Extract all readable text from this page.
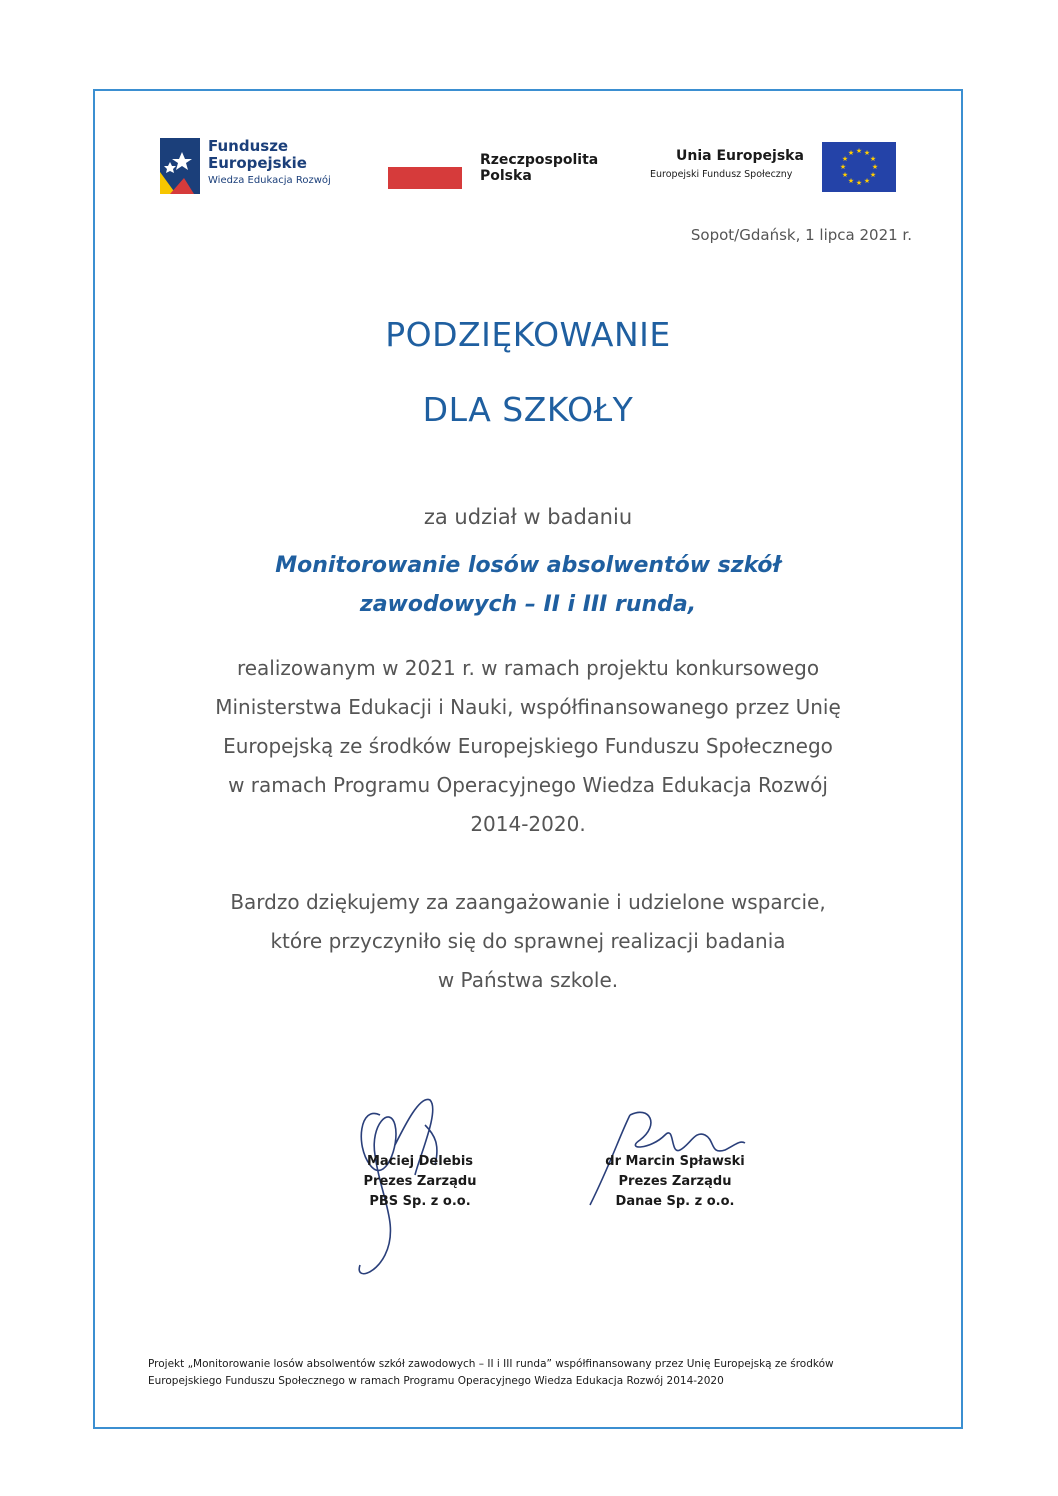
Fundusze
Europejskie
Wiedza Edukacja Rozwój
Rzeczpospolita
Polska
Unia Europejska
Europejski Fundusz Społeczny
★ ★
★
★
★
★
★
★
★
★
★
★
Sopot/Gdańsk, 1 lipca 2021 r.
PODZIĘKOWANIE
DLA SZKOŁY
za udział w badaniu
Monitorowanie losów absolwentów szkół
zawodowych – II i III runda,
realizowanym w 2021 r. w ramach projektu konkursowego
Ministerstwa Edukacji i Nauki, współfinansowanego przez Unię
Europejską ze środków Europejskiego Funduszu Społecznego
w ramach Programu Operacyjnego Wiedza Edukacja Rozwój
2014-2020.
Bardzo dziękujemy za zaangażowanie i udzielone wsparcie,
które przyczyniło się do sprawnej realizacji badania
w Państwa szkole.
Maciej Delebis
Prezes Zarządu
PBS Sp. z o.o.
dr Marcin Spławski
Prezes Zarządu
Danae Sp. z o.o.
Projekt „Monitorowanie losów absolwentów szkół zawodowych – II i III runda” współfinansowany przez Unię Europejską ze środków
Europejskiego Funduszu Społecznego w ramach Programu Operacyjnego Wiedza Edukacja Rozwój 2014-2020
